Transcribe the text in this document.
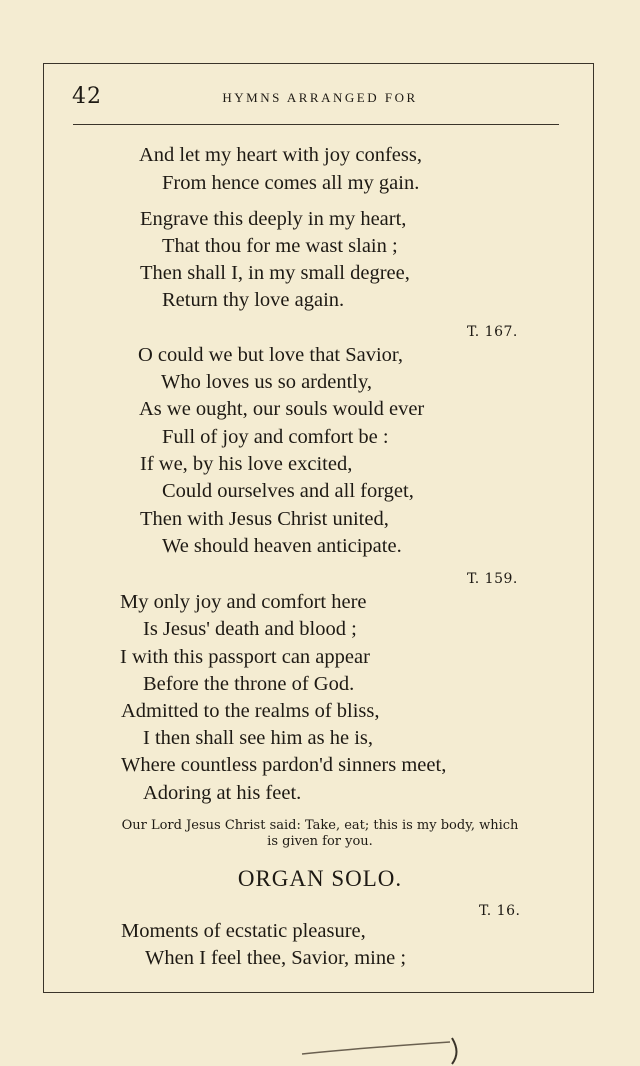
42	HYMNS ARRANGED FOR
And let my heart with joy confess,
From hence comes all my gain.
Engrave this deeply in my heart,
That thou for me wast slain ;
Then shall I, in my small degree,
Return thy love again.
T. 167.
O could we but love that Savior,
Who loves us so ardently,
As we ought, our souls would ever
Full of joy and comfort be :
If we, by his love excited,
Could ourselves and all forget,
Then with Jesus Christ united,
We should heaven anticipate.
T. 159.
My only joy and comfort here
Is Jesus' death and blood ;
I with this passport can appear
Before the throne of God.
Admitted to the realms of bliss,
I then shall see him as he is,
Where countless pardon'd sinners meet,
Adoring at his feet.
Our Lord Jesus Christ said: Take, eat; this is my body, which
is given for you.
ORGAN SOLO.
T. 16.
Moments of ecstatic pleasure,
When I feel thee, Savior, mine ;
